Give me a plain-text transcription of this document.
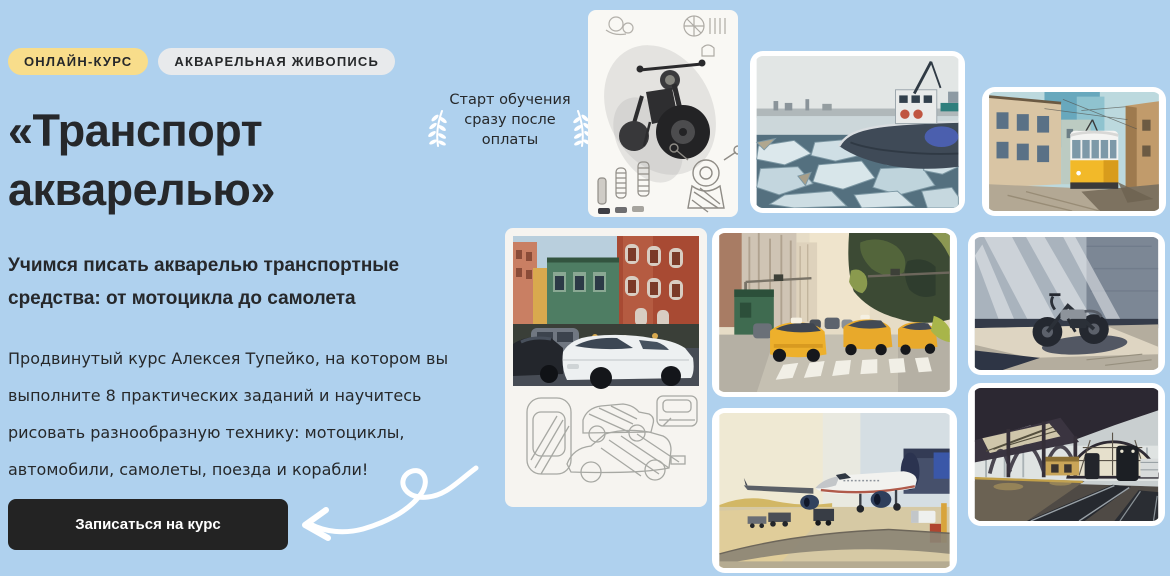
ОНЛАЙН-КУРС	АКВАРЕЛЬНАЯ ЖИВОПИСЬ
«Транспорт
акварелью»
Учимся писать акварелью транспортные средства: от мотоцикла до самолета
Продвинутый курс Алексея Тупейко, на котором вы выполните 8 практических заданий и научитесь рисовать разнообразную технику: мотоциклы, автомобили, самолеты, поезда и корабли!
Записаться на курс
Старт обучения
сразу после
оплаты
